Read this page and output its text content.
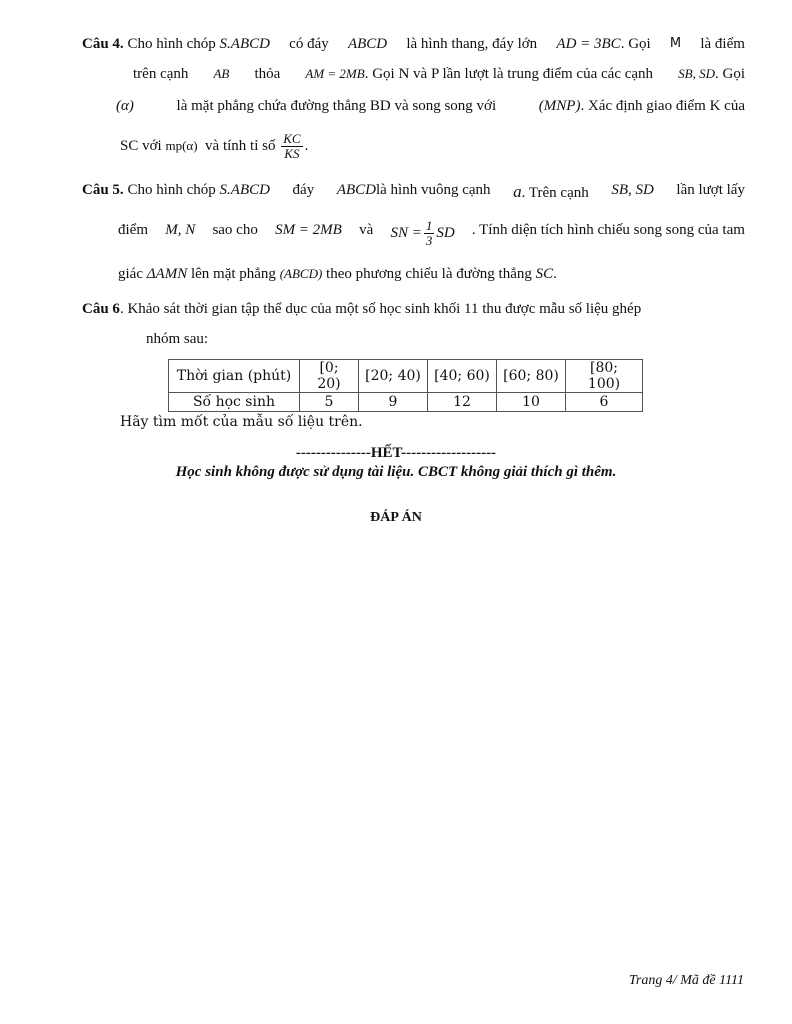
Câu 4. Cho hình chóp S.ABCD có đáy ABCD là hình thang, đáy lớn AD = 3BC. Gọi M là điểm
trên cạnh AB thỏa AM = 2MB. Gọi N và P lần lượt là trung điểm của các cạnh SB, SD. Gọi
(α)	là mặt phẳng chứa đường thẳng BD và song song với	(MNP). Xác định giao điểm K của
SC với mp(α) và tính tỉ số $\frac{KC}{KS}$ .
Câu 5. Cho hình chóp S.ABCD đáy ABCDlà hình vuông cạnh a. Trên cạnh SB, SD lần lượt lấy
điểm M, N sao cho SM = 2MB và SN = $\frac{1}{3}$ SD . Tính diện tích hình chiếu song song của tam
giác ΔAMN lên mặt phẳng (ABCD) theo phương chiếu là đường thẳng SC.
Câu 6. Khảo sát thời gian tập thể dục của một số học sinh khối 11 thu được mẫu số liệu ghép
nhóm sau:
Thời gian (phút)	[0; 20)	[20; 40)	[40; 60)	[60; 80)	[80; 100)
Số học sinh	5	9	12	10	6
Hãy tìm mốt của mẫu số liệu trên.
---------------HẾT-------------------
Học sinh không được sử dụng tài liệu. CBCT không giải thích gì thêm.
ĐÁP ÁN
Trang 4/ Mã đề 1111
